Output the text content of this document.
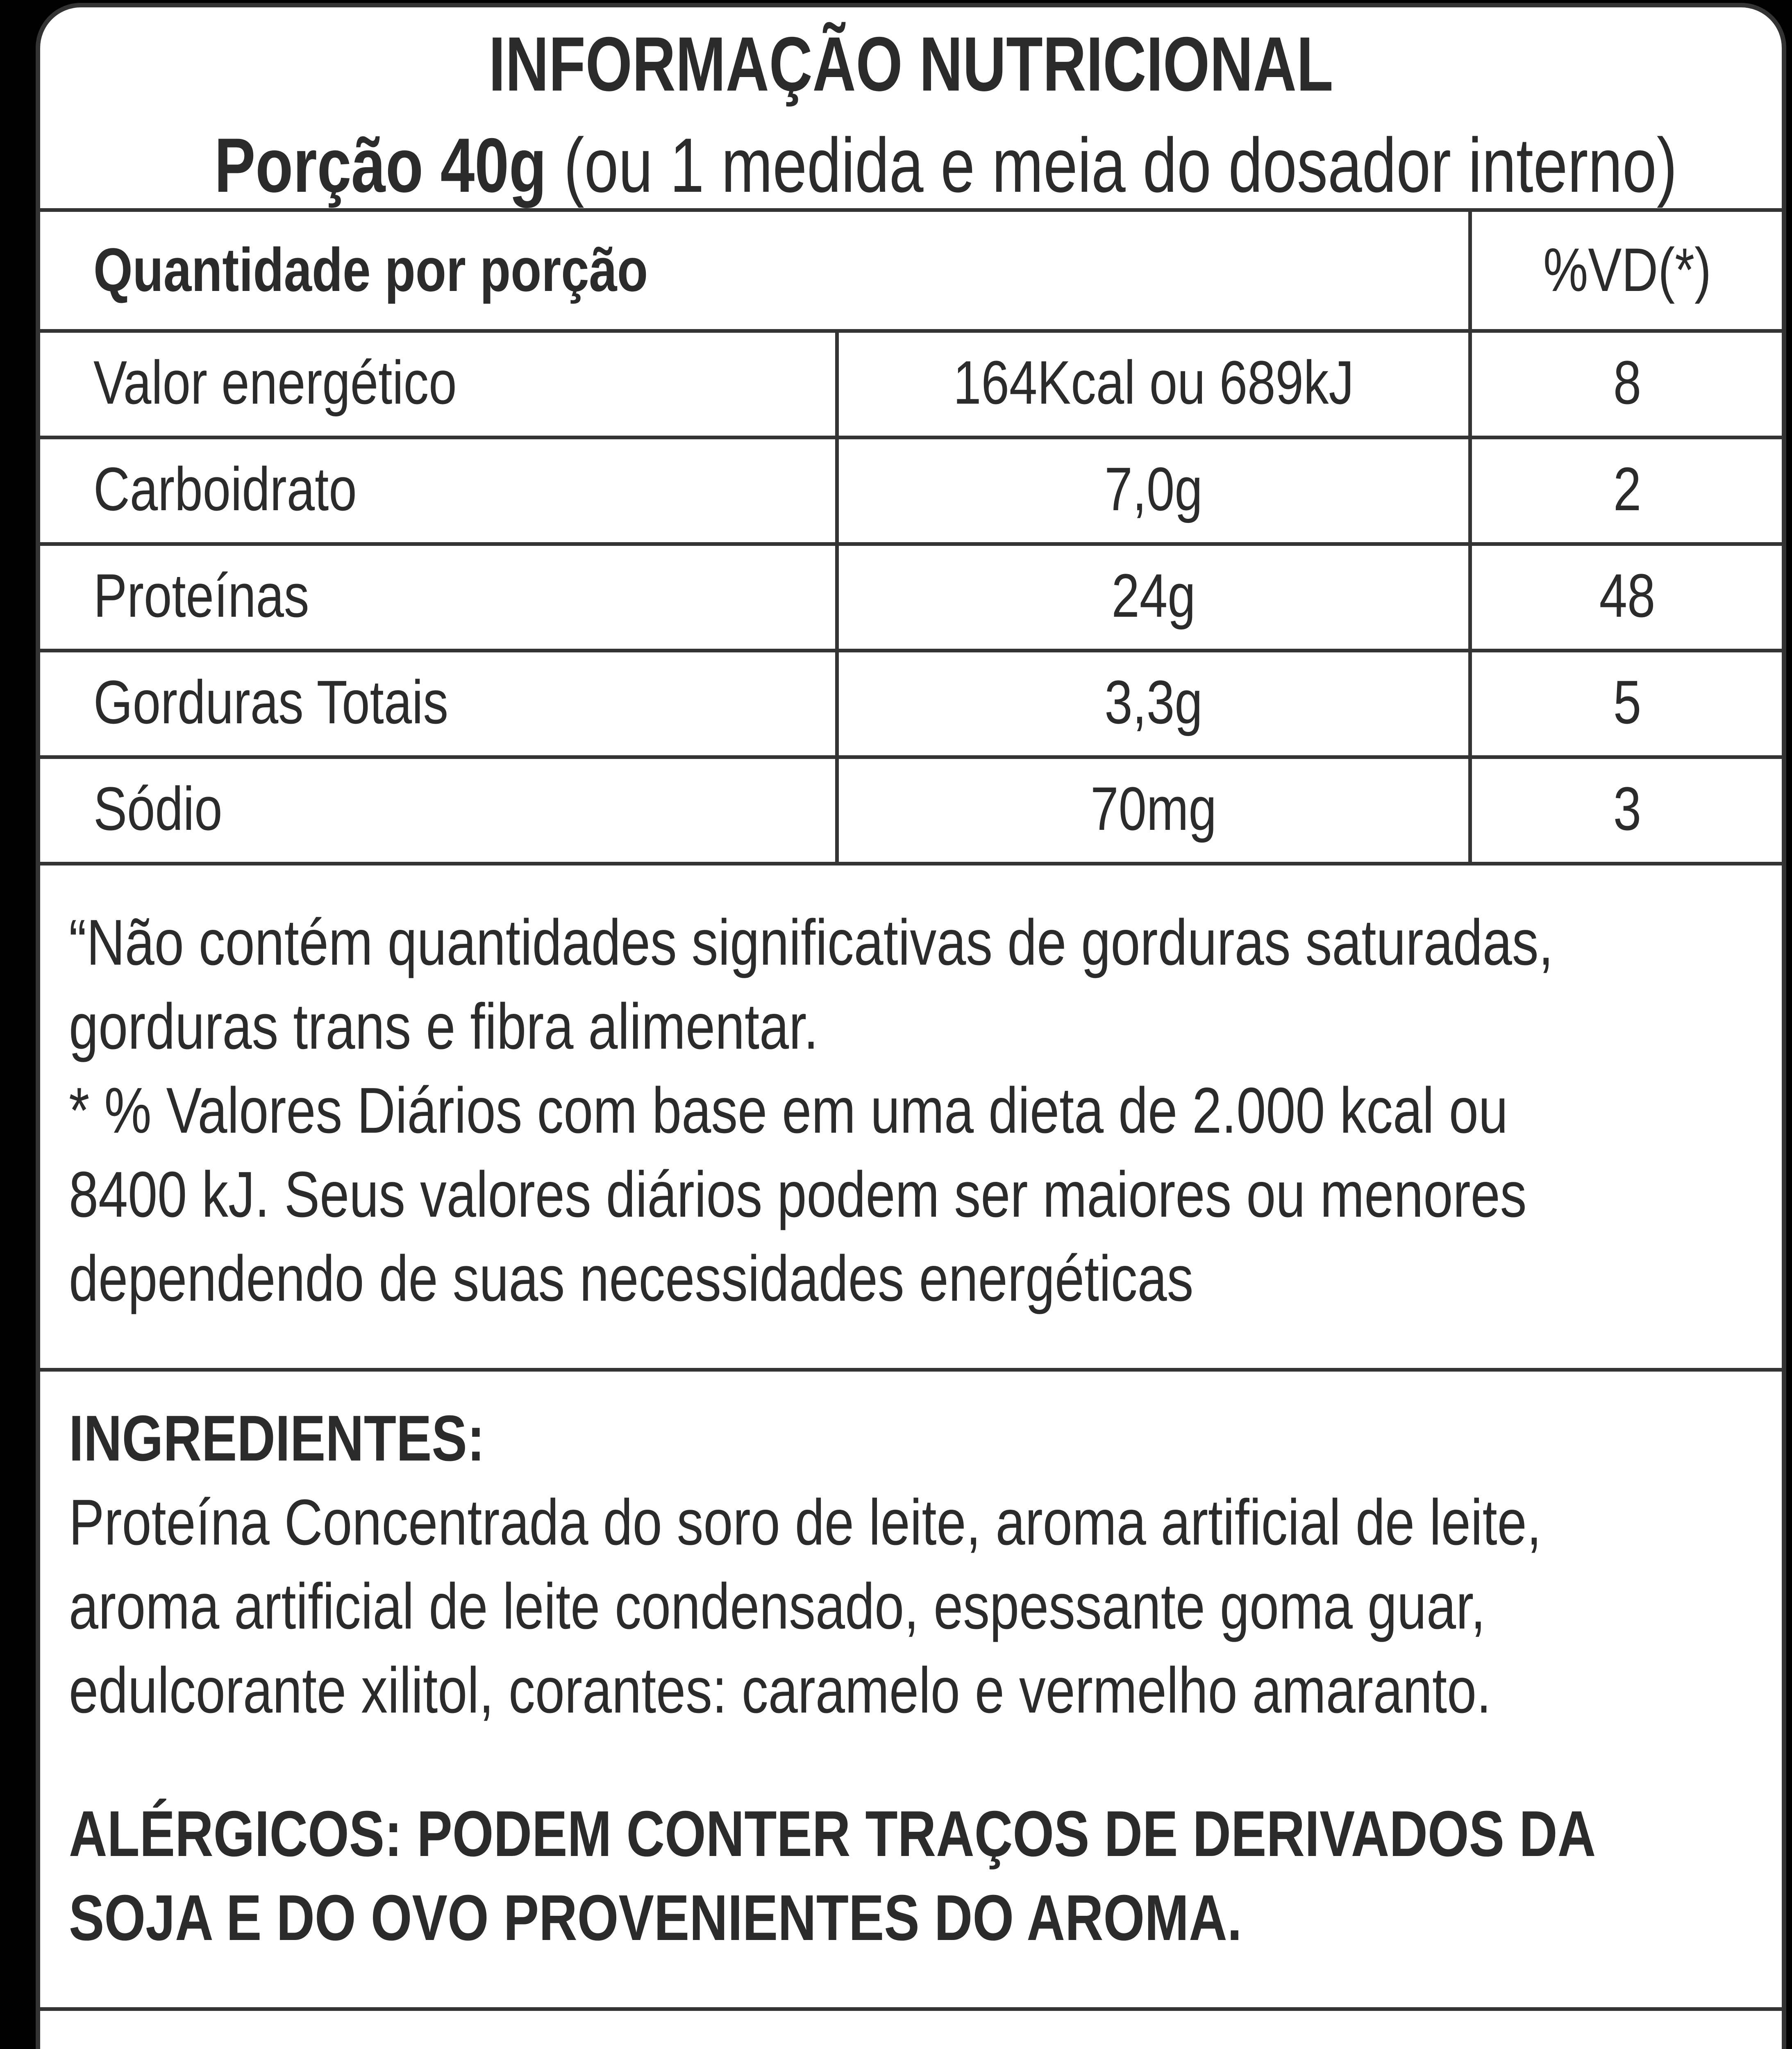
INFORMAÇÃO NUTRICIONAL
Porção 40g (ou 1 medida e meia do dosador interno)
Quantidade por porção	%VD(*)
Valor energético	164Kcal ou 689kJ	8
Carboidrato	7,0g	2
Proteínas	24g	48
Gorduras Totais	3,3g	5
Sódio	70mg	3
“Não contém quantidades significativas de gorduras saturadas,
gorduras trans e fibra alimentar.
* % Valores Diários com base em uma dieta de 2.000 kcal ou
8400 kJ. Seus valores diários podem ser maiores ou menores
dependendo de suas necessidades energéticas
INGREDIENTES:
Proteína Concentrada do soro de leite, aroma artificial de leite,
aroma artificial de leite condensado, espessante goma guar,
edulcorante xilitol, corantes: caramelo e vermelho amaranto.
ALÉRGICOS: PODEM CONTER TRAÇOS DE DERIVADOS DA
SOJA E DO OVO PROVENIENTES DO AROMA.
